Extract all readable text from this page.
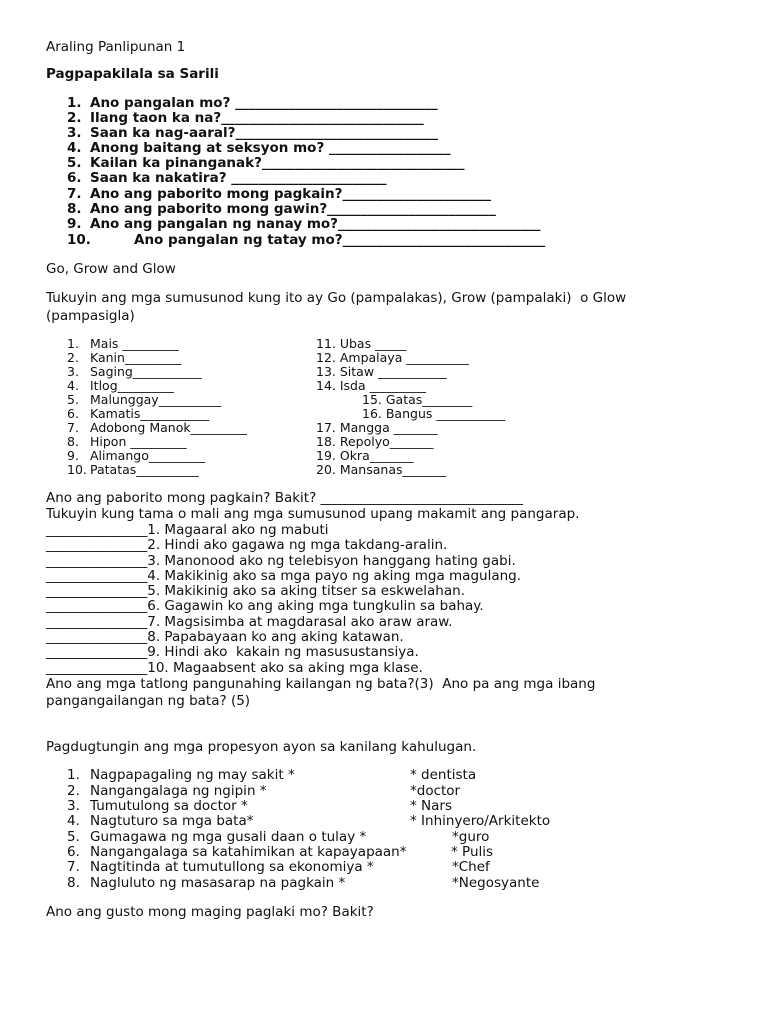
Araling Panlipunan 1
Pagpapakilala sa Sarili
1. Ano pangalan mo? ______________________________
2. Ilang taon ka na?______________________________
3. Saan ka nag-aaral?______________________________
4. Anong baitang at seksyon mo? __________________
5. Kailan ka pinanganak?______________________________
6. Saan ka nakatira? _______________________
7. Ano ang paborito mong pagkain?______________________
8. Ano ang paborito mong gawin?_________________________
9. Ano ang pangalan ng nanay mo?______________________________
10.	Ano pangalan ng tatay mo?______________________________
Go, Grow and Glow
Tukuyin ang mga sumusunod kung ito ay Go (pampalakas), Grow (pampalaki)  o Glow
(pampasigla)
1. Mais _________
2. Kanin_________
3. Saging___________
4. Itlog_________
5. Malunggay__________
6. Kamatis___________
7. Adobong Manok_________
8. Hipon _________
9. Alimango_________
10. Patatas__________
11. Ubas _____
12. Ampalaya __________
13. Sitaw ___________
14. Isda _________
15. Gatas________
16. Bangus ___________
17. Mangga _______
18. Repolyo_______
19. Okra_______
20. Mansanas_______
Ano ang paborito mong pagkain? Bakit? ______________________________
Tukuyin kung tama o mali ang mga sumusunod upang makamit ang pangarap.
_______________1. Magaaral ako ng mabuti
_______________2. Hindi ako gagawa ng mga takdang-aralin.
_______________3. Manonood ako ng telebisyon hanggang hating gabi.
_______________4. Makikinig ako sa mga payo ng aking mga magulang.
_______________5. Makikinig ako sa aking titser sa eskwelahan.
_______________6. Gagawin ko ang aking mga tungkulin sa bahay.
_______________7. Magsisimba at magdarasal ako araw araw.
_______________8. Papabayaan ko ang aking katawan.
_______________9. Hindi ako  kakain ng masusustansiya.
_______________10. Magaabsent ako sa aking mga klase.
Ano ang mga tatlong pangunahing kailangan ng bata?(3)  Ano pa ang mga ibang
pangangailangan ng bata? (5)
Pagdugtungin ang mga propesyon ayon sa kanilang kahulugan.
1. Nagpapagaling ng may sakit *
2. Nangangalaga ng ngipin *
3. Tumutulong sa doctor *
4. Nagtuturo sa mga bata*
5. Gumagawa ng mga gusali daan o tulay *
6. Nangangalaga sa katahimikan at kapayapaan*
7. Nagtitinda at tumutullong sa ekonomiya *
8. Nagluluto ng masasarap na pagkain *
* dentista
*doctor
* Nars
* Inhinyero/Arkitekto
*guro
* Pulis
*Chef
*Negosyante
Ano ang gusto mong maging paglaki mo? Bakit?
